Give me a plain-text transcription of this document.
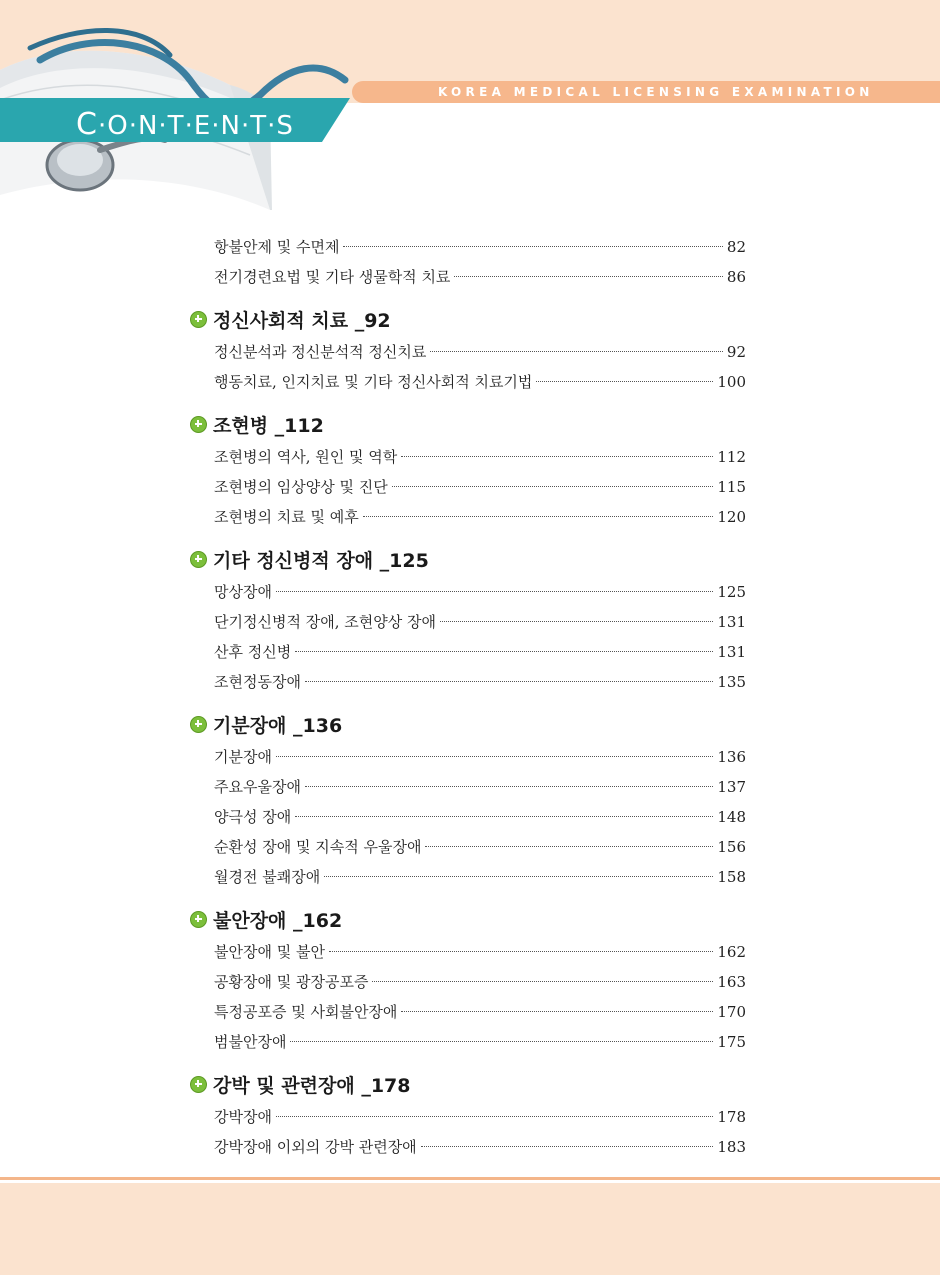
C·O·N·T·E·N·T·S
KOREA MEDICAL LICENSING EXAMINATION
항불안제 및 수면제	82
전기경련요법 및 기타 생물학적 치료	86
정신사회적 치료 _92
정신분석과 정신분석적 정신치료	92
행동치료, 인지치료 및 기타 정신사회적 치료기법	100
조현병 _112
조현병의 역사, 원인 및 역학	112
조현병의 임상양상 및 진단	115
조현병의 치료 및 예후	120
기타 정신병적 장애 _125
망상장애	125
단기정신병적 장애, 조현양상 장애	131
산후 정신병	131
조현정동장애	135
기분장애 _136
기분장애	136
주요우울장애	137
양극성 장애	148
순환성 장애 및 지속적 우울장애	156
월경전 불쾌장애	158
불안장애 _162
불안장애 및 불안	162
공황장애 및 광장공포증	163
특정공포증 및 사회불안장애	170
범불안장애	175
강박 및 관련장애 _178
강박장애	178
강박장애 이외의 강박 관련장애	183
